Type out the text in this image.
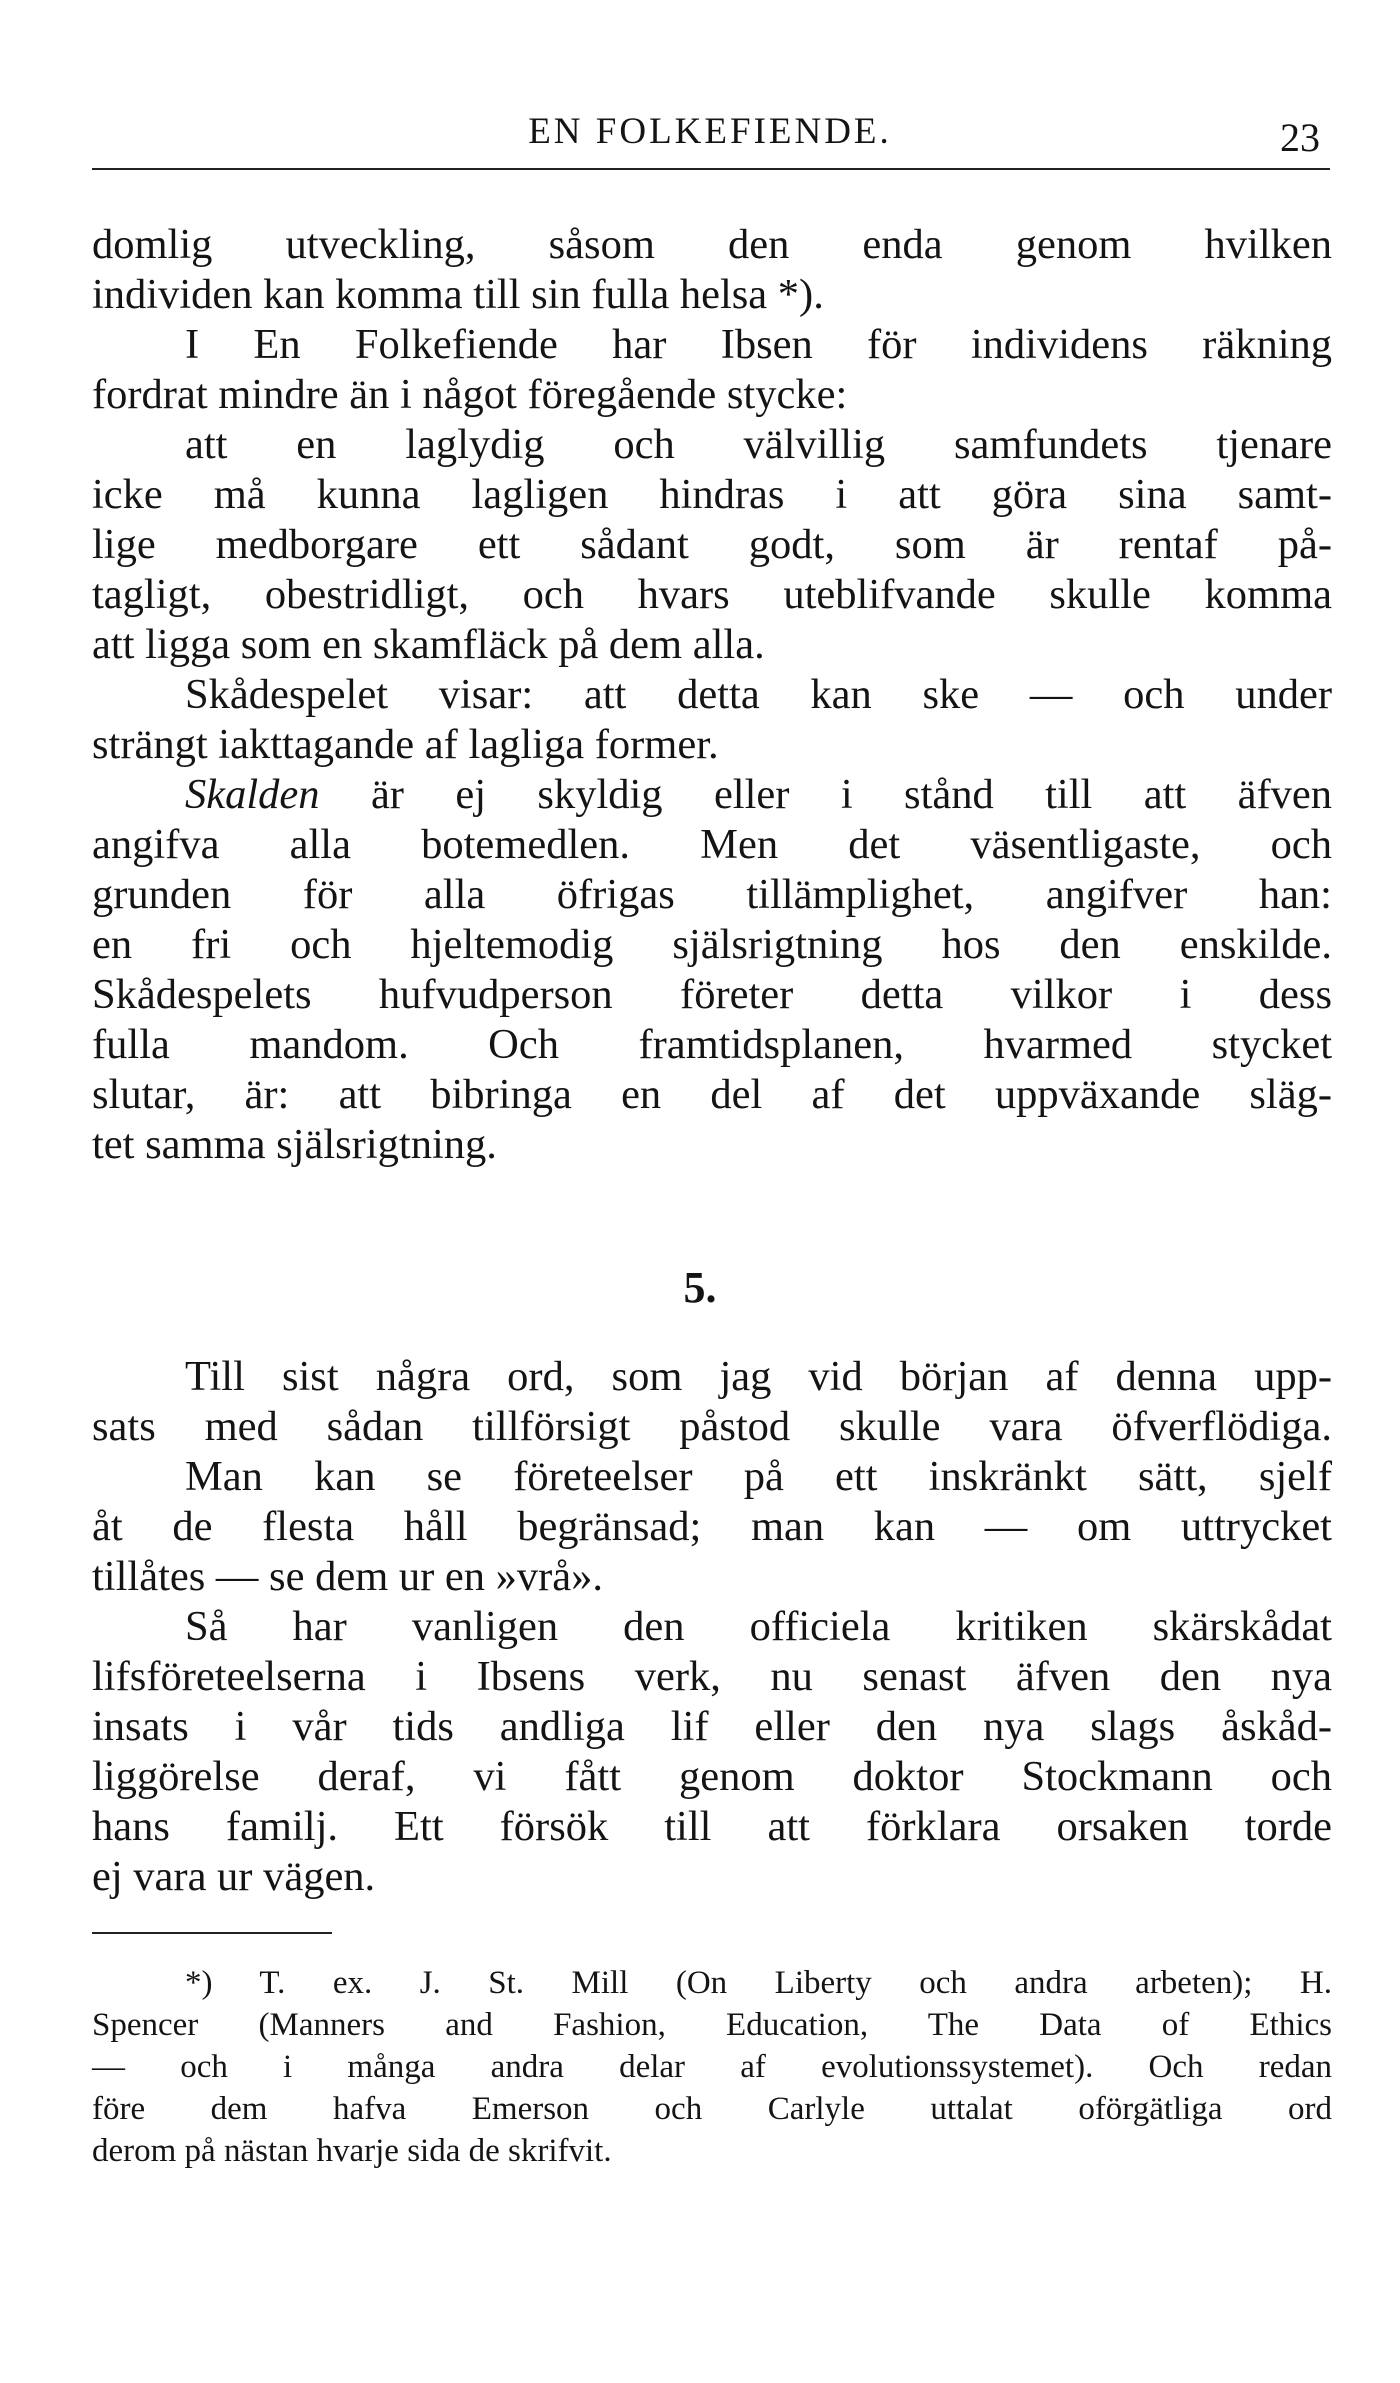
EN FOLKEFIENDE.	23
domlig utveckling, såsom den enda genom hvilken
individen kan komma till sin fulla helsa *).
I En Folkefiende har Ibsen för individens räkning
fordrat mindre än i något föregående stycke:
att en laglydig och välvillig samfundets tjenare
icke må kunna lagligen hindras i att göra sina samt-
lige medborgare ett sådant godt, som är rentaf på-
tagligt, obestridligt, och hvars uteblifvande skulle komma
att ligga som en skamfläck på dem alla.
Skådespelet visar: att detta kan ske — och under
strängt iakttagande af lagliga former.
Skalden är ej skyldig eller i stånd till att äfven
angifva alla botemedlen. Men det väsentligaste, och
grunden för alla öfrigas tillämplighet, angifver han:
en fri och hjeltemodig själsrigtning hos den enskilde.
Skådespelets hufvudperson företer detta vilkor i dess
fulla mandom. Och framtidsplanen, hvarmed stycket
slutar, är: att bibringa en del af det uppväxande släg-
tet samma själsrigtning.
5.
Till sist några ord, som jag vid början af denna upp-
sats med sådan tillförsigt påstod skulle vara öfverflödiga.
Man kan se företeelser på ett inskränkt sätt, sjelf
åt de flesta håll begränsad; man kan — om uttrycket
tillåtes — se dem ur en »vrå».
Så har vanligen den officiela kritiken skärskådat
lifsföreteelserna i Ibsens verk, nu senast äfven den nya
insats i vår tids andliga lif eller den nya slags åskåd-
liggörelse deraf, vi fått genom doktor Stockmann och
hans familj. Ett försök till att förklara orsaken torde
ej vara ur vägen.
*) T. ex. J. St. Mill (On Liberty och andra arbeten); H.
Spencer (Manners and Fashion, Education, The Data of Ethics
— och i många andra delar af evolutionssystemet). Och redan
före dem hafva Emerson och Carlyle uttalat oförgätliga ord
derom på nästan hvarje sida de skrifvit.
